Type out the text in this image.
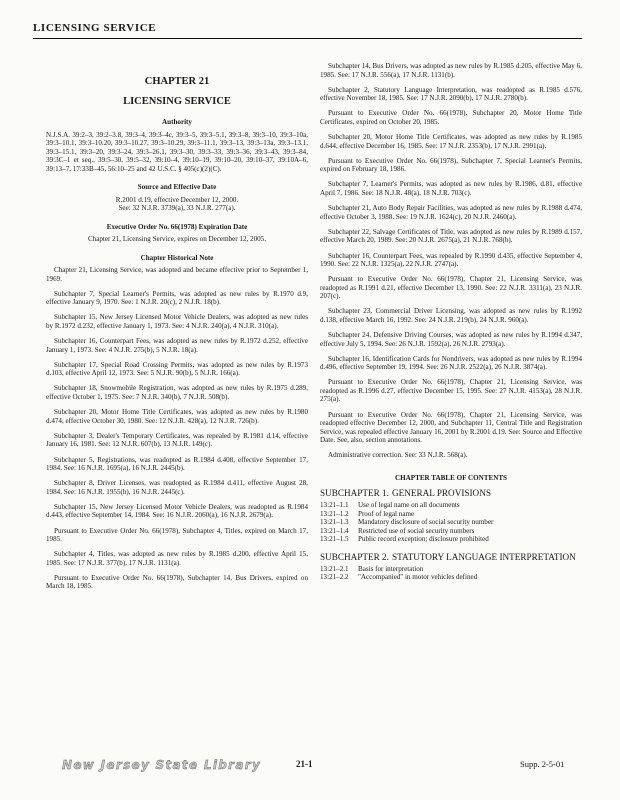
LICENSING SERVICE
CHAPTER 21
LICENSING SERVICE
Authority

N.J.S.A. 39:2–3, 39:2–3.8, 39:3–4, 39:3–4c, 39:3–5, 39:3–5.1, 39:3–8, 39:3–10, 39:3–10a, 39:3–10.1, 39:3–10.20, 39:3–10.27, 39:3–10.29, 39:3–11.1, 39:3–13, 39:3–13a, 39:3–13.1, 39:3–15.1, 39:3–20, 39:3–24, 39:3–26.1, 39:3–30, 39:3–33, 39:3–36, 39:3–43, 39:3–84, 39:3C–1 et seq., 39:5–30, 39:5–32, 39:10–4, 39:10–19, 39:10–20, 39:10–37, 39:10A–6, 39:13–7, 17:33B–45, 56:10–25 and 42 U.S.C. § 405(c)(2)(C).

Source and Effective Date
R.2001 d.19, effective December 12, 2000.
See: 32 N.J.R. 3739(a), 33 N.J.R. 277(a).
Executive Order No. 66(1978) Expiration Date

Chapter 21, Licensing Service, expires on December 12, 2005.

Chapter Historical Note

Chapter 21, Licensing Service, was adopted and became effective prior to September 1, 1969.

Subchapter 7, Special Learner's Permits, was adopted as new rules by R.1970 d.9, effective January 9, 1970. See: 1 N.J.R. 20(c), 2 N.J.R. 18(b).

Subchapter 15, New Jersey Licensed Motor Vehicle Dealers, was adopted as new rules by R.1972 d.232, effective January 1, 1973. See: 4 N.J.R. 240(a), 4 N.J.R. 310(a).

Subchapter 16, Counterpart Fees, was adopted as new rules by R.1972 d.252, effective January 1, 1973. See: 4 N.J.R. 275(b), 5 N.J.R. 18(a).

Subchapter 17, Special Road Crossing Permits, was adopted as new rules by R.1973 d.103, effective April 12, 1973. See: 5 N.J.R. 90(b), 5 N.J.R. 166(a).

Subchapter 18, Snowmobile Registration, was adopted as new rules by R.1975 d.289, effective October 1, 1975. See: 7 N.J.R. 340(b), 7 N.J.R. 508(b).

Subchapter 20, Motor Home Title Certificates, was adopted as new rules by R.1980 d.474, effective October 30, 1980. See: 12 N.J.R. 428(a), 12 N.J.R. 726(b).

Subchapter 3, Dealer's Temporary Certificates, was repealed by R.1981 d.14, effective January 16, 1981. See: 12 N.J.R. 607(b), 13 N.J.R. 149(c).

Subchapter 5, Registrations, was readopted as R.1984 d.408, effective September 17, 1984. See: 16 N.J.R. 1695(a), 16 N.J.R. 2445(b).

Subchapter 8, Driver Licenses, was readopted as R.1984 d.411, effective August 28, 1984. See: 16 N.J.R. 1955(b), 16 N.J.R. 2445(c).

Subchapter 15, New Jersey Licensed Motor Vehicle Dealers, was readopted as R.1984 d.443, effective September 14, 1984. See: 16 N.J.R. 2060(a), 16 N.J.R. 2679(a).

Pursuant to Executive Order No. 66(1978), Subchapter 4, Titles, expired on March 17, 1985.

Subchapter 4, Titles, was adopted as new rules by R.1985 d.200, effective April 15, 1985. See: 17 N.J.R. 377(b), 17 N.J.R. 1131(a).

Pursuant to Executive Order No. 66(1978), Subchapter 14, Bus Drivers, expired on March 18, 1985.

Subchapter 14, Bus Drivers, was adopted as new rules by R.1985 d.205, effective May 6, 1985. See: 17 N.J.R. 556(a), 17 N.J.R. 1131(b).

Subchapter 2, Statutory Language Interpretation, was readopted as R.1985 d.576, effective November 18, 1985. See: 17 N.J.R. 2090(b), 17 N.J.R. 2780(b).

Pursuant to Executive Order No. 66(1978), Subchapter 20, Motor Home Title Certificates, expired on October 20, 1985.

Subchapter 20, Motor Home Title Certificates, was adopted as new rules by R.1985 d.644, effective December 16, 1985. See: 17 N.J.R. 2353(b), 17 N.J.R. 2991(a).

Pursuant to Executive Order No. 66(1978), Subchapter 7, Special Learner's Permits, expired on February 18, 1986.

Subchapter 7, Learner's Permits, was adopted as new rules by R.1986, d.81, effective April 7, 1986. See: 18 N.J.R. 48(a), 18 N.J.R. 703(c).

Subchapter 21, Auto Body Repair Facilities, was adopted as new rules by R.1988 d.474, effective October 3, 1988. See: 19 N.J.R. 1624(c), 20 N.J.R. 2460(a).

Subchapter 22, Salvage Certificates of Title, was adopted as new rules by R.1989 d.157, effective March 20, 1989. See: 20 N.J.R. 2675(a), 21 N.J.R. 768(b).

Subchapter 16, Counterpart Fees, was repealed by R.1990 d.435, effective September 4, 1990. See: 22 N.J.R. 1325(a), 22 N.J.R. 2747(a).

Pursuant to Executive Order No. 66(1978), Chapter 21, Licensing Service, was readopted as R.1991 d.21, effective December 13, 1990. See: 22 N.J.R. 3311(a), 23 N.J.R. 207(c).

Subchapter 23, Commercial Driver Licensing, was adopted as new rules by R.1992 d.138, effective March 16, 1992. See: 24 N.J.R. 219(b), 24 N.J.R. 960(a).

Subchapter 24, Defensive Driving Courses, was adopted as new rules by R.1994 d.347, effective July 5, 1994. See: 26 N.J.R. 1592(a), 26 N.J.R. 2793(a).

Subchapter 16, Identification Cards for Nondrivers, was adopted as new rules by R.1994 d.496, effective September 19, 1994. See: 26 N.J.R. 2522(a), 26 N.J.R. 3874(a).

Pursuant to Executive Order No. 66(1978), Chapter 21, Licensing Service, was readopted as R.1996 d.27, effective December 15, 1995. See: 27 N.J.R. 4153(a), 28 N.J.R. 275(a).

Pursuant to Executive Order No. 66(1978), Chapter 21, Licensing Service, was readopted effective December 12, 2000, and Subchapter 11, Central Title and Registration Service, was repealed effective January 16, 2001 by R.2001 d.19. See: Source and Effective Date. See, also, section annotations.

Administrative correction. See: 33 N.J.R. 568(a).

CHAPTER TABLE OF CONTENTS
SUBCHAPTER 1. GENERAL PROVISIONS
13:21–1.1	Use of legal name on all documents
13:21–1.2	Proof of legal name
13:21–1.3	Mandatory disclosure of social security number
13:21–1.4	Restricted use of social security numbers
13:21–1.5	Public record exception; disclosure prohibited
SUBCHAPTER 2. STATUTORY LANGUAGE INTERPRETATION
13:21–2.1	Basis for interpretation
13:21–2.2	"Accompanied" in motor vehicles defined
New Jersey State Library	21-1	Supp. 2-5-01
